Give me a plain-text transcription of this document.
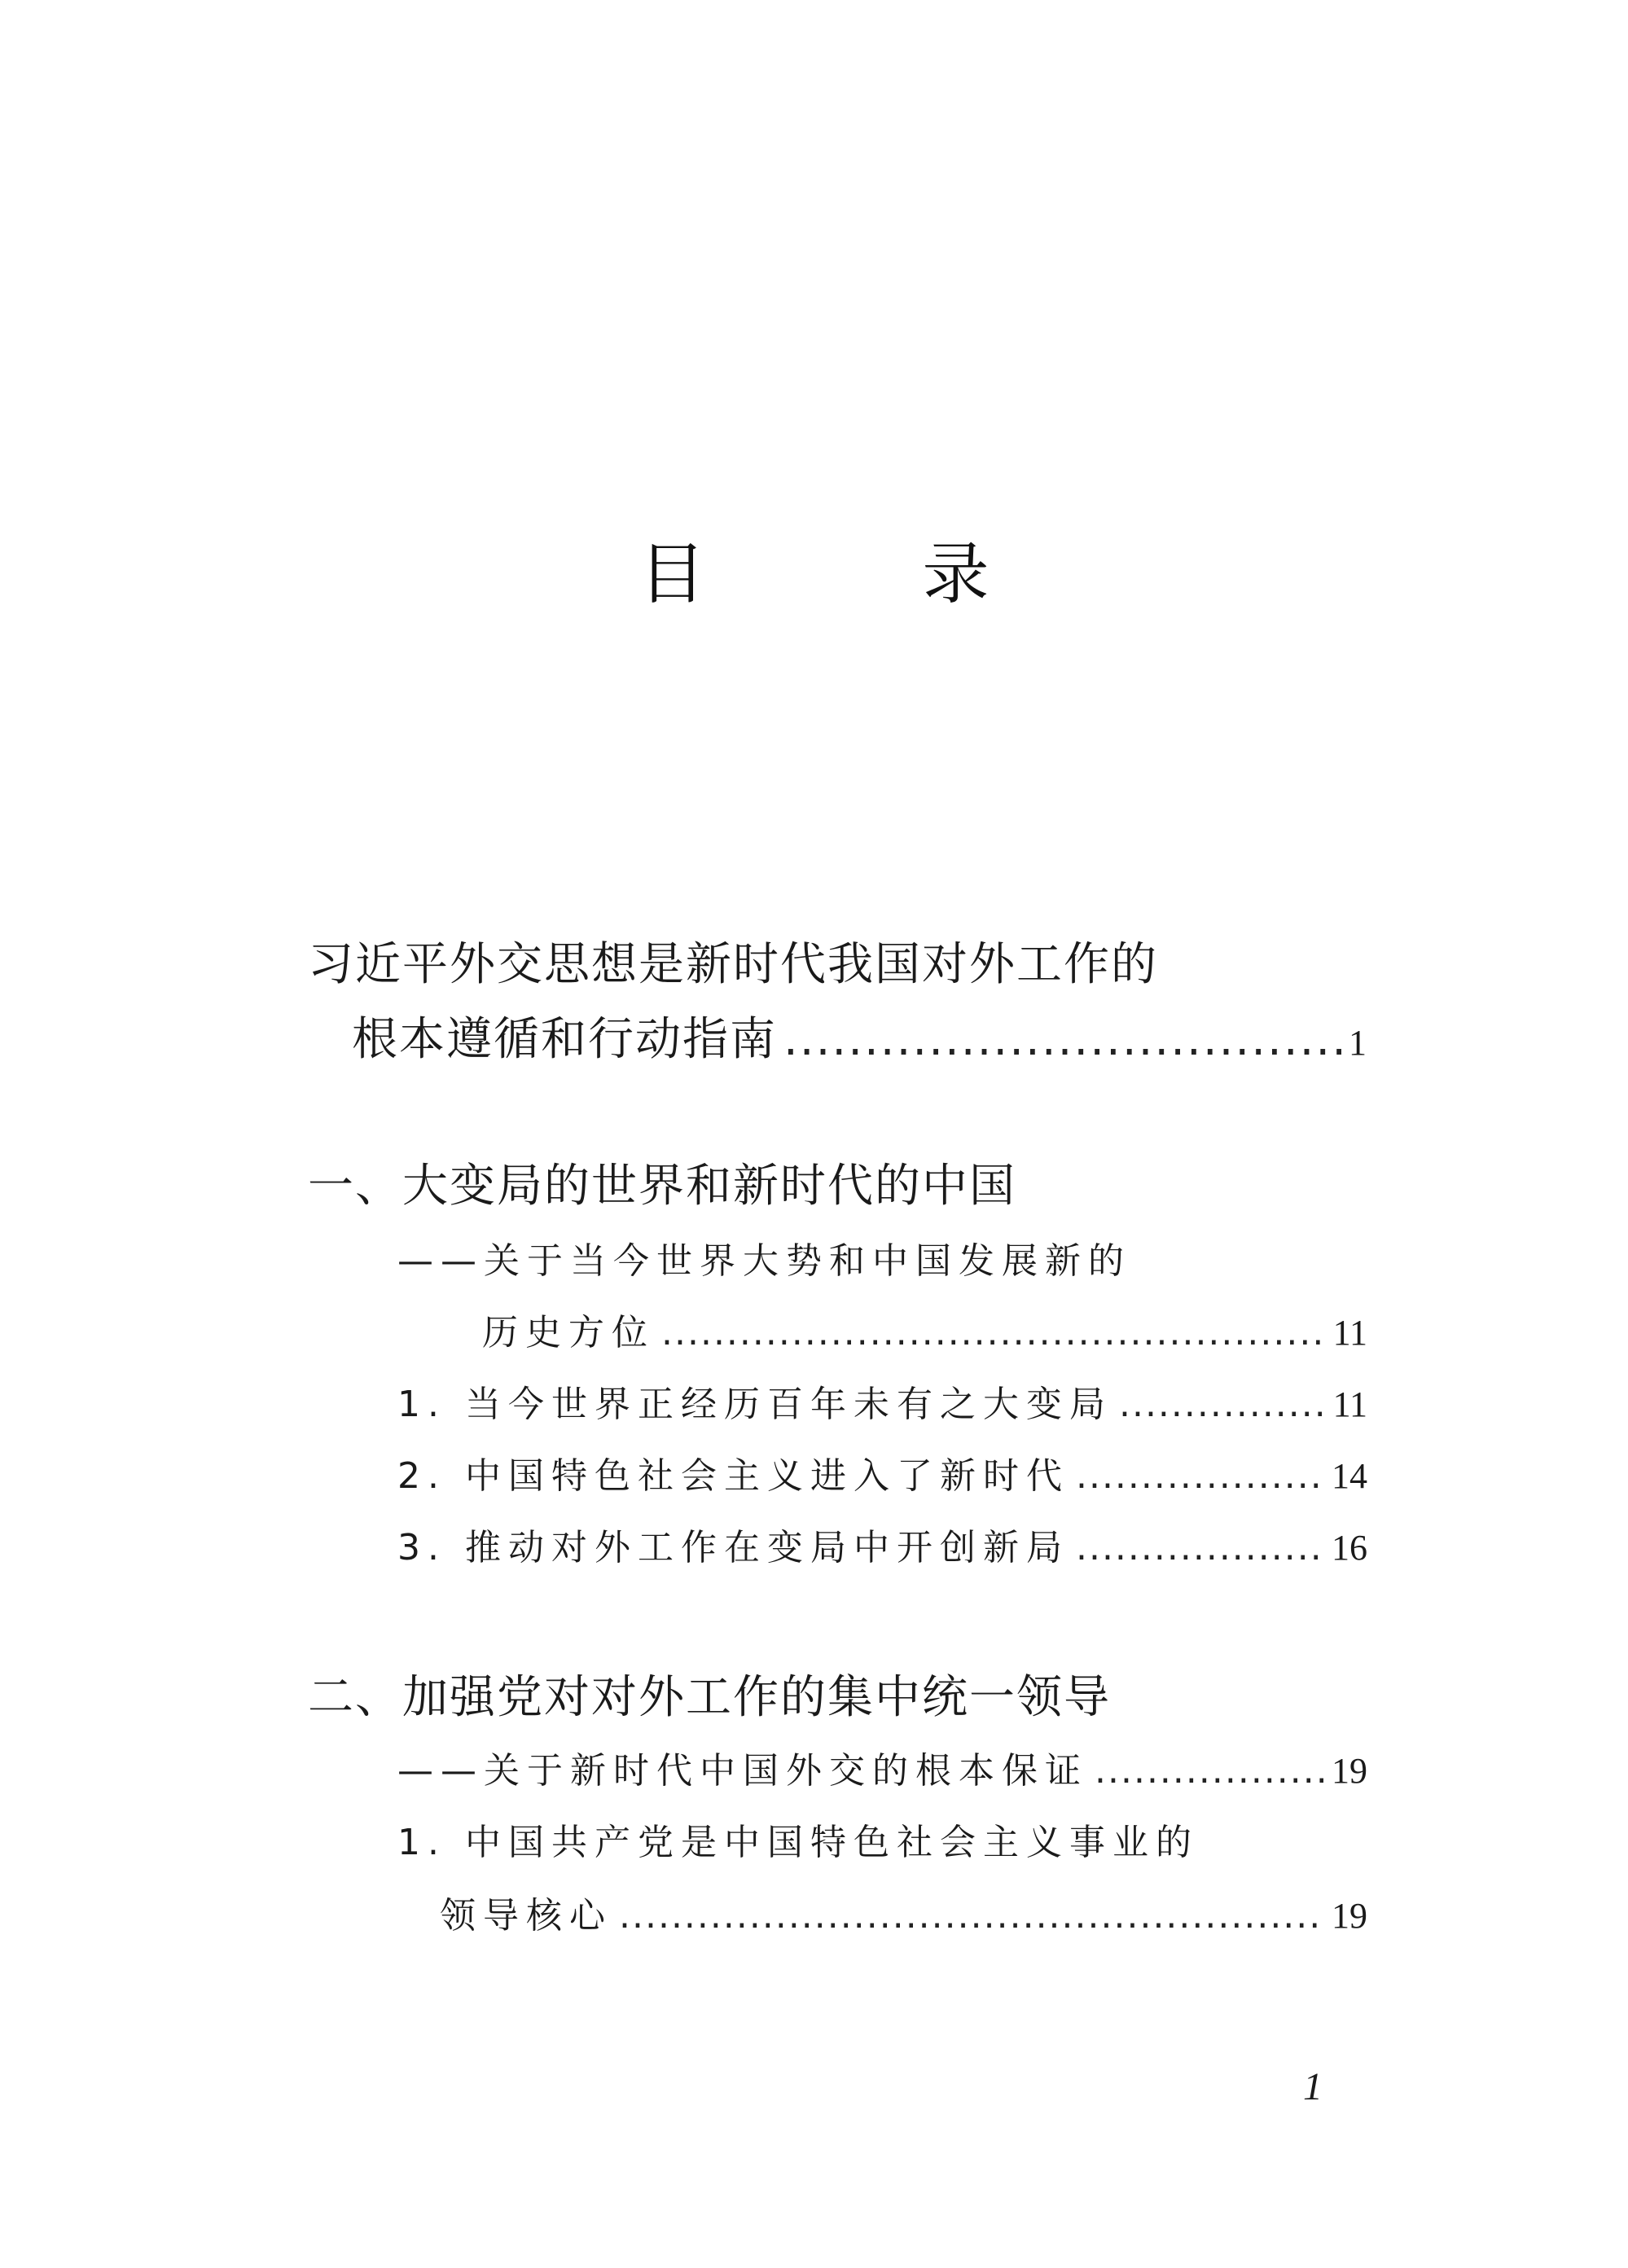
目 录
习近平外交思想是新时代我国对外工作的
根本遵循和行动指南 .....	1
一、大变局的世界和新时代的中国
——关于当今世界大势和中国发展新的
历史方位 .....	11
1. 当今世界正经历百年未有之大变局 .....	11
2. 中国特色社会主义进入了新时代 .....	14
3. 推动对外工作在变局中开创新局 .....	16
二、加强党对对外工作的集中统一领导
——关于新时代中国外交的根本保证 .....	19
1. 中国共产党是中国特色社会主义事业的
领导核心 .....	19
1
